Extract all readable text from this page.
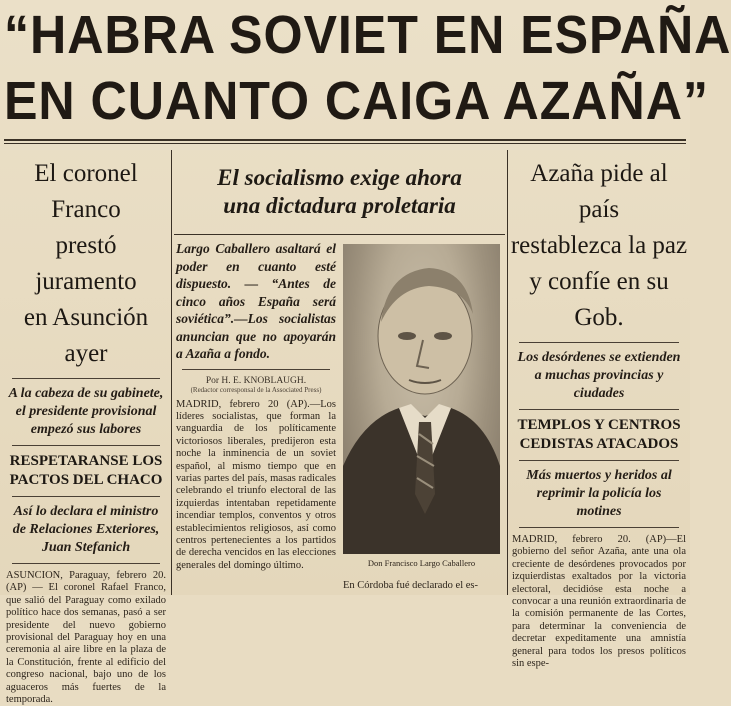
“HABRA SOVIET EN ESPAÑA
EN CUANTO CAIGA AZAÑA”
El coronel Franco
prestó juramento
en Asunción ayer
A la cabeza de su gabinete, el presidente provisional empezó sus labores
RESPETARANSE LOS PACTOS DEL CHACO
Así lo declara el ministro de Relaciones Exteriores, Juan Stefanich
ASUNCION, Paraguay, febrero 20. (AP) — El coronel Rafael Franco, que salió del Paraguay como exilado político hace dos semanas, pasó a ser presidente del nuevo gobierno provisional del Paraguay hoy en una ceremonia al aire libre en la plaza de la Constitución, frente al edificio del congreso nacional, bajo uno de los aguaceros más fuertes de la temporada.
El socialismo exige ahora
una dictadura proletaria
Largo Caballero asaltará el poder en cuanto esté dispuesto. — “Antes de cinco años España será soviética”.—Los socialistas anuncian que no apoyarán a Azaña a fondo.
Por H. E. KNOBLAUGH.
(Redactor corresponsal de la Associated Press)
MADRID, febrero 20 (AP).—Los líderes socialistas, que forman la vanguardia de los políticamente victoriosos liberales, predijeron esta noche la inminencia de un soviet español, al mismo tiempo que en varias partes del país, masas radicales celebrando el triunfo electoral de las izquierdas intentaban repetidamente incendiar templos, conventos y otros establecimientos religiosos, así como centros pertenecientes a los partidos de derecha vencidos en las elecciones generales del domingo último.
En Córdoba fué declarado el es-
Don Francisco Largo Caballero
Azaña pide al país
restablezca la paz
y confíe en su Gob.
Los desórdenes se extienden a muchas provincias y ciudades
TEMPLOS Y CENTROS CEDISTAS ATACADOS
Más muertos y heridos al reprimir la policía los motines
MADRID, febrero 20. (AP)—El gobierno del señor Azaña, ante una ola creciente de desórdenes provocados por izquierdistas exaltados por la victoria electoral, decidióse esta noche a convocar a una reunión extraordinaria de la comisión permanente de las Cortes, para determinar la conveniencia de decretar expeditamente una amnistía general para todos los presos políticos sin espe-
